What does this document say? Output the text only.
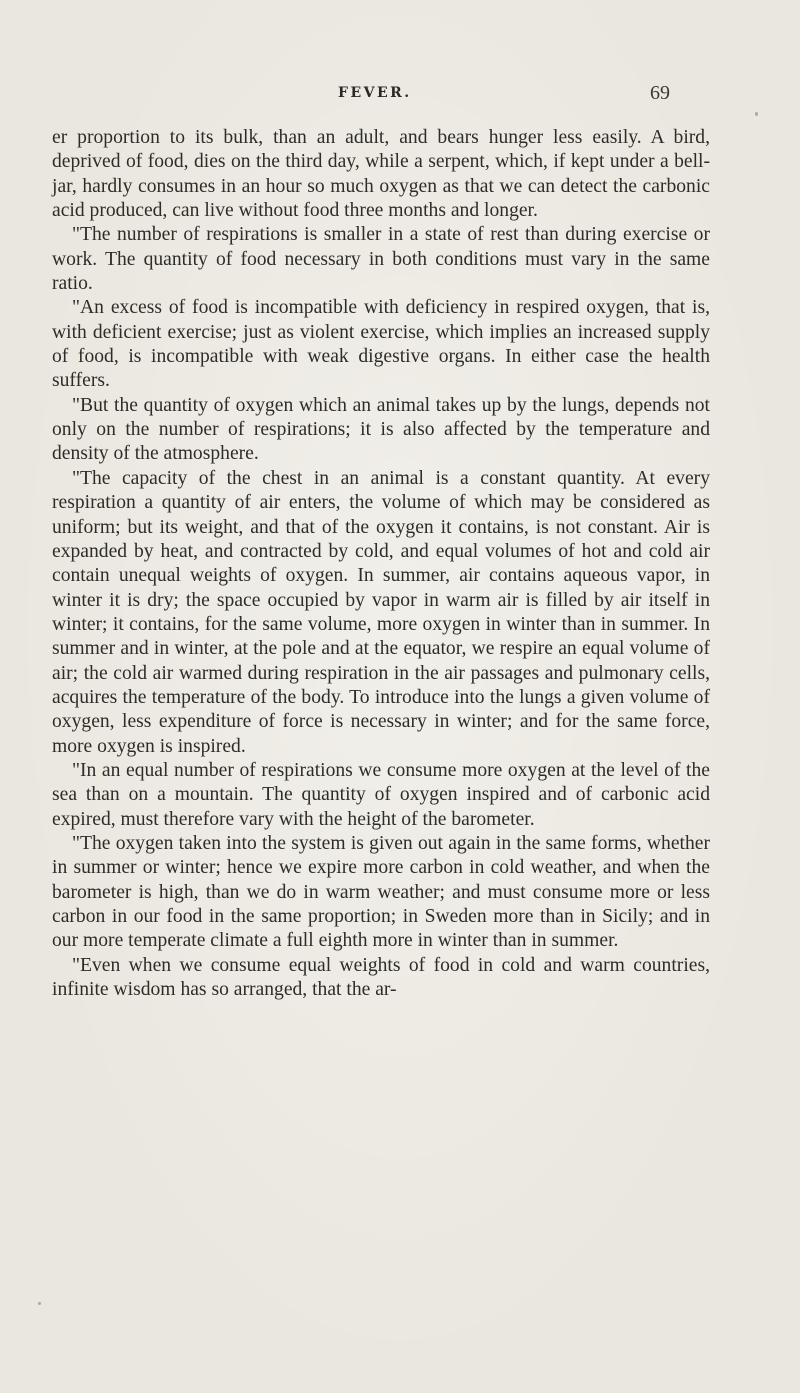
FEVER.	69

er proportion to its bulk, than an adult, and bears hunger less easily. A bird, deprived of food, dies on the third day, while a serpent, which, if kept under a bell-jar, hardly consumes in an hour so much oxygen as that we can detect the carbonic acid produced, can live without food three months and longer.

"The number of respirations is smaller in a state of rest than during exercise or work. The quantity of food necessary in both conditions must vary in the same ratio.

"An excess of food is incompatible with deficiency in respired oxygen, that is, with deficient exercise; just as violent exercise, which implies an increased supply of food, is incompatible with weak digestive organs. In either case the health suffers.

"But the quantity of oxygen which an animal takes up by the lungs, depends not only on the number of respirations; it is also affected by the temperature and density of the atmosphere.

"The capacity of the chest in an animal is a constant quantity. At every respiration a quantity of air enters, the volume of which may be considered as uniform; but its weight, and that of the oxygen it contains, is not constant. Air is expanded by heat, and contracted by cold, and equal volumes of hot and cold air contain unequal weights of oxygen. In summer, air contains aqueous vapor, in winter it is dry; the space occupied by vapor in warm air is filled by air itself in winter; it contains, for the same volume, more oxygen in winter than in summer. In summer and in winter, at the pole and at the equator, we respire an equal volume of air; the cold air warmed during respiration in the air passages and pulmonary cells, acquires the temperature of the body. To introduce into the lungs a given volume of oxygen, less expenditure of force is necessary in winter; and for the same force, more oxygen is inspired.

"In an equal number of respirations we consume more oxygen at the level of the sea than on a mountain. The quantity of oxygen inspired and of carbonic acid expired, must therefore vary with the height of the barometer.

"The oxygen taken into the system is given out again in the same forms, whether in summer or winter; hence we expire more carbon in cold weather, and when the barometer is high, than we do in warm weather; and must consume more or less carbon in our food in the same proportion; in Sweden more than in Sicily; and in our more temperate climate a full eighth more in winter than in summer.

"Even when we consume equal weights of food in cold and warm countries, infinite wisdom has so arranged, that the ar-
